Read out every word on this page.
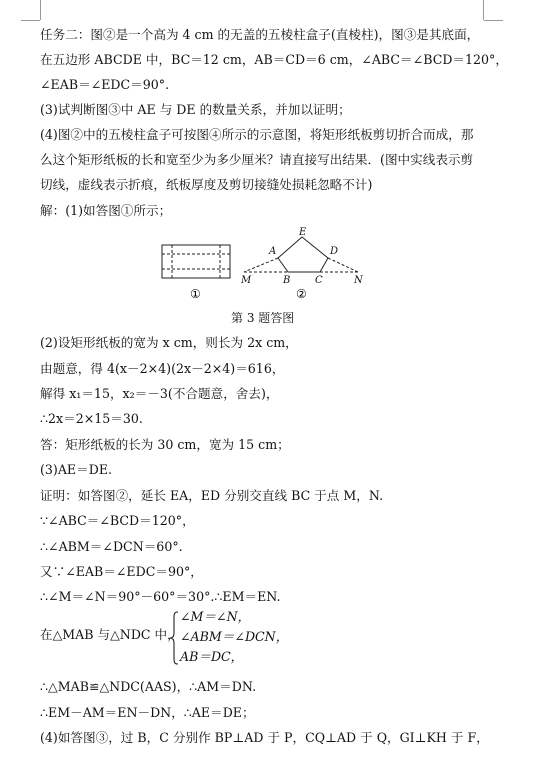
任务二：图②是一个高为 4 cm 的无盖的五棱柱盒子(直棱柱)，图③是其底面，
在五边形 ABCDE 中，BC＝12 cm，AB＝CD＝6 cm，∠ABC＝∠BCD＝120°，
∠EAB＝∠EDC＝90°.
(3)试判断图③中 AE 与 DE 的数量关系，并加以证明；
(4)图②中的五棱柱盒子可按图④所示的示意图，将矩形纸板剪切折合而成，那
么这个矩形纸板的长和宽至少为多少厘米？请直接写出结果．(图中实线表示剪
切线，虚线表示折痕，纸板厚度及剪切接缝处损耗忽略不计)
解：(1)如答图①所示；
①
E
A	D
M	B C	N
②
第 3 题答图
(2)设矩形纸板的宽为 x cm，则长为 2x cm，
由题意，得 4(x－2×4)(2x－2×4)＝616，
解得 x₁＝15，x₂＝－3(不合题意，舍去)，
∴2x＝2×15＝30.
答：矩形纸板的长为 30 cm，宽为 15 cm；
(3)AE＝DE.
证明：如答图②，延长 EA，ED 分别交直线 BC 于点 M，N.
∵∠ABC＝∠BCD＝120°，
∴∠ABM＝∠DCN＝60°.
又∵∠EAB＝∠EDC＝90°，
∴∠M＝∠N＝90°－60°＝30°.∴EM＝EN.
在△MAB 与△NDC 中，
∠M＝∠N，
∠ABM＝∠DCN，
AB＝DC，
∴△MAB≌△NDC(AAS)，∴AM＝DN.
∴EM－AM＝EN－DN，∴AE＝DE；
(4)如答图③，过 B，C 分别作 BP⊥AD 于 P，CQ⊥AD 于 Q，GI⊥KH 于 F，
